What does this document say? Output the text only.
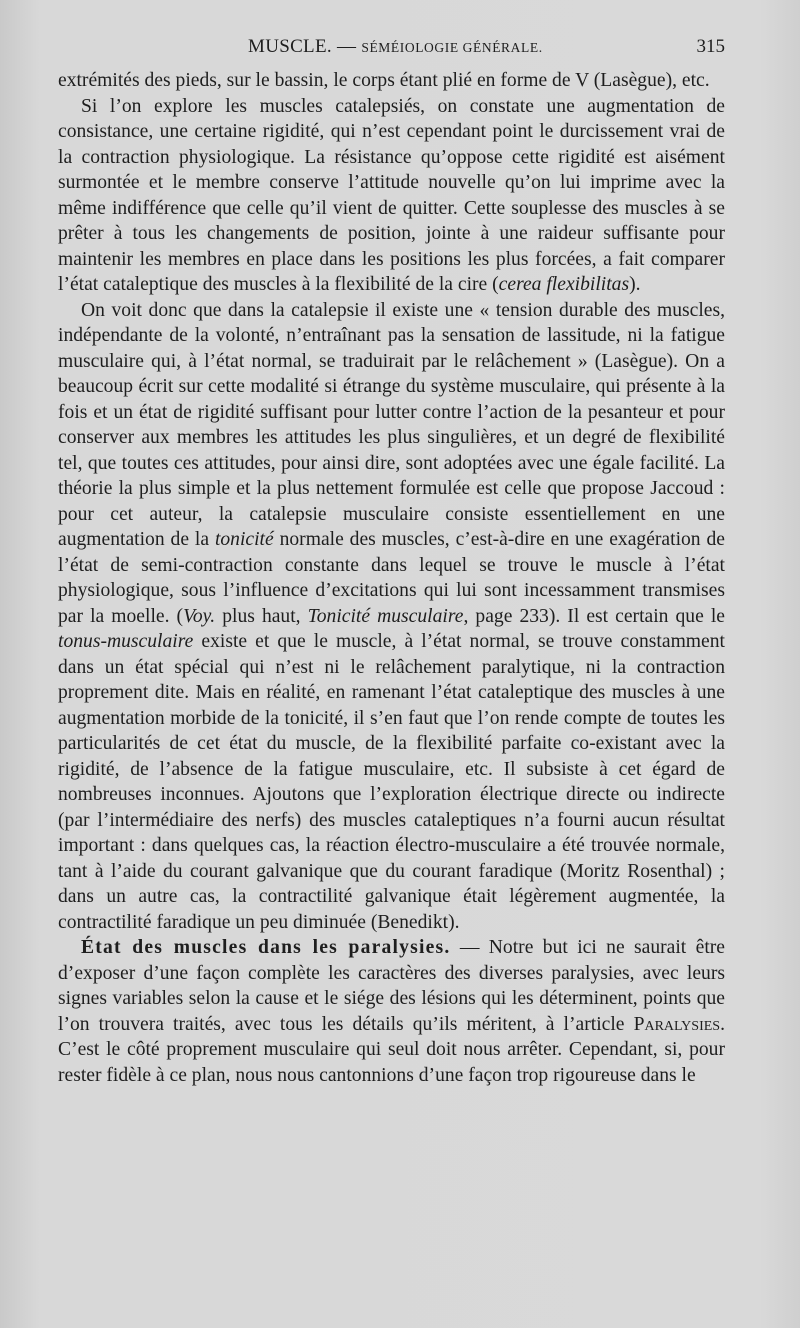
MUSCLE. — SÉMÉIOLOGIE GÉNÉRALE.	315

extrémités des pieds, sur le bassin, le corps étant plié en forme de V (Lasègue), etc.

Si l’on explore les muscles catalepsiés, on constate une augmentation de consistance, une certaine rigidité, qui n’est cependant point le durcissement vrai de la contraction physiologique. La résistance qu’oppose cette rigidité est aisément surmontée et le membre conserve l’attitude nouvelle qu’on lui imprime avec la même indifférence que celle qu’il vient de quitter. Cette souplesse des muscles à se prêter à tous les changements de position, jointe à une raideur suffisante pour maintenir les membres en place dans les positions les plus forcées, a fait comparer l’état cataleptique des muscles à la flexibilité de la cire (cerea flexibilitas).

On voit donc que dans la catalepsie il existe une « tension durable des muscles, indépendante de la volonté, n’entraînant pas la sensation de lassitude, ni la fatigue musculaire qui, à l’état normal, se traduirait par le relâchement » (Lasègue). On a beaucoup écrit sur cette modalité si étrange du système musculaire, qui présente à la fois et un état de rigidité suffisant pour lutter contre l’action de la pesanteur et pour conserver aux membres les attitudes les plus singulières, et un degré de flexibilité tel, que toutes ces attitudes, pour ainsi dire, sont adoptées avec une égale facilité. La théorie la plus simple et la plus nettement formulée est celle que propose Jaccoud : pour cet auteur, la catalepsie musculaire consiste essentiellement en une augmentation de la tonicité normale des muscles, c’est-à-dire en une exagération de l’état de semi-contraction constante dans lequel se trouve le muscle à l’état physiologique, sous l’influence d’excitations qui lui sont incessamment transmises par la moelle. (Voy. plus haut, Tonicité musculaire, page 233). Il est certain que le tonus-musculaire existe et que le muscle, à l’état normal, se trouve constamment dans un état spécial qui n’est ni le relâchement paralytique, ni la contraction proprement dite. Mais en réalité, en ramenant l’état cataleptique des muscles à une augmentation morbide de la tonicité, il s’en faut que l’on rende compte de toutes les particularités de cet état du muscle, de la flexibilité parfaite co-existant avec la rigidité, de l’absence de la fatigue musculaire, etc. Il subsiste à cet égard de nombreuses inconnues. Ajoutons que l’exploration électrique directe ou indirecte (par l’intermédiaire des nerfs) des muscles cataleptiques n’a fourni aucun résultat important : dans quelques cas, la réaction électro-musculaire a été trouvée normale, tant à l’aide du courant galvanique que du courant faradique (Moritz Rosenthal) ; dans un autre cas, la contractilité galvanique était légèrement augmentée, la contractilité faradique un peu diminuée (Benedikt).

État des muscles dans les paralysies. — Notre but ici ne saurait être d’exposer d’une façon complète les caractères des diverses paralysies, avec leurs signes variables selon la cause et le siége des lésions qui les déterminent, points que l’on trouvera traités, avec tous les détails qu’ils méritent, à l’article Paralysies. C’est le côté proprement musculaire qui seul doit nous arrêter. Cependant, si, pour rester fidèle à ce plan, nous nous cantonnions d’une façon trop rigoureuse dans le
